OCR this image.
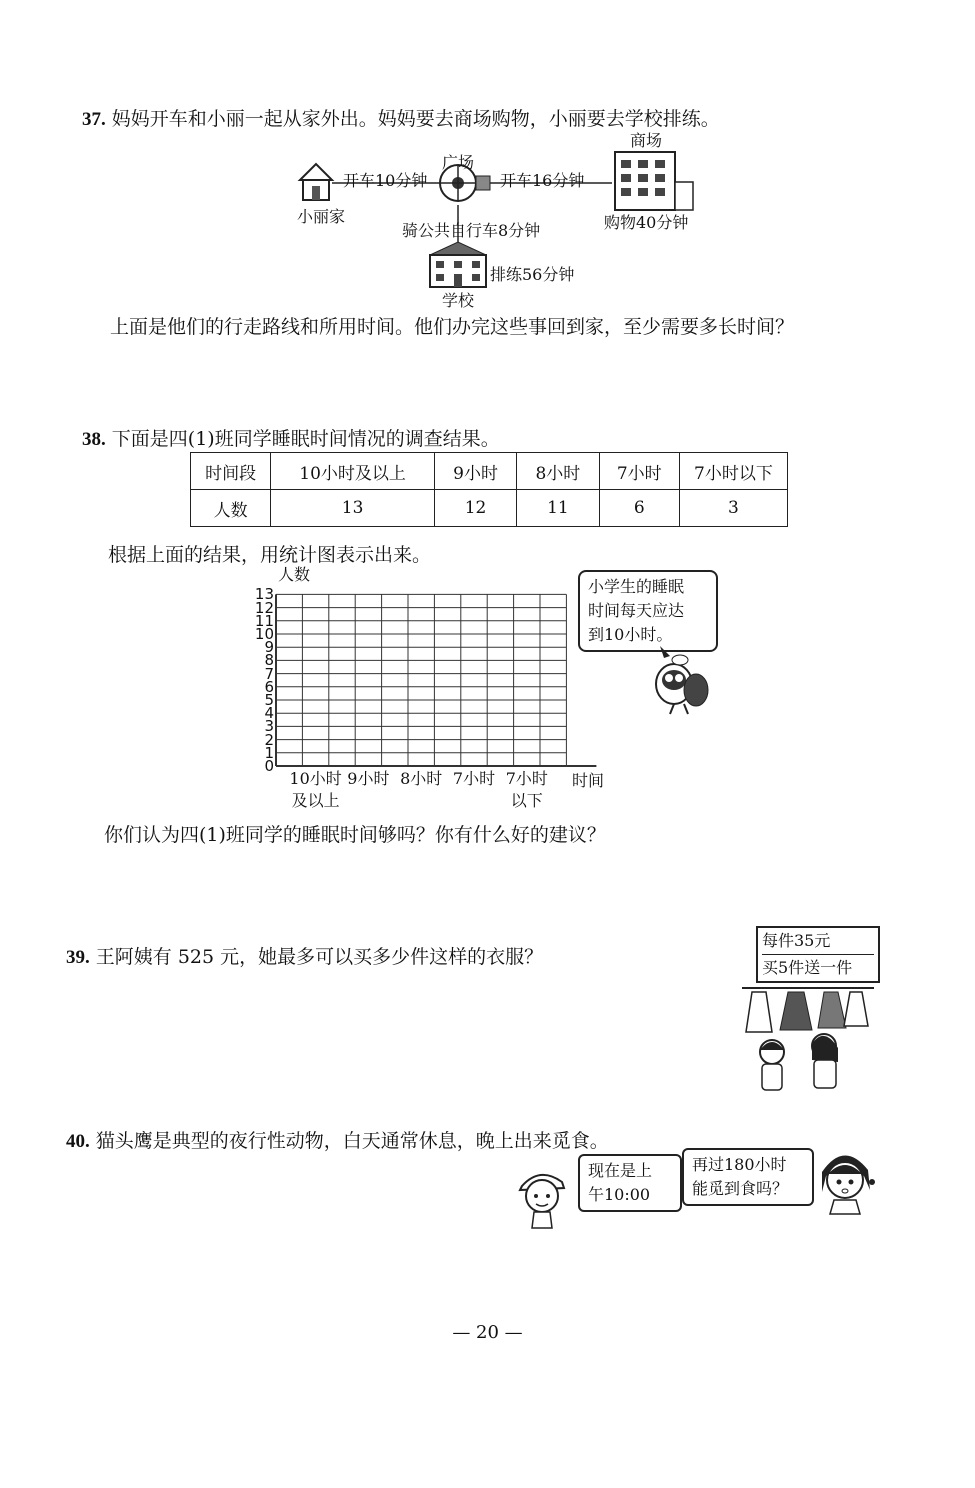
37. 妈妈开车和小丽一起从家外出。妈妈要去商场购物，小丽要去学校排练。
小丽家
开车10分钟
广场
开车16分钟
商场
购物40分钟
骑公共自行车8分钟
排练56分钟
学校
上面是他们的行走路线和所用时间。他们办完这些事回到家，至少需要多长时间？
38. 下面是四(1)班同学睡眠时间情况的调查结果。
时间段	10小时及以上	9小时	8小时	7小时	7小时以下
人数	13	12	11	6	3
根据上面的结果，用统计图表示出来。
人数
0
1
2
3
4
5
6
7
8
9
10
11
12
13
10小时
及以上
9小时 8小时 7小时 7小时
以下
时间
小学生的睡眠
时间每天应达
到10小时。
你们认为四(1)班同学的睡眠时间够吗？你有什么好的建议？
39. 王阿姨有 525 元，她最多可以买多少件这样的衣服？
每件35元
买5件送一件
40. 猫头鹰是典型的夜行性动物，白天通常休息，晚上出来觅食。
现在是上
午10:00
再过180小时
能觅到食吗？
— 20 —
